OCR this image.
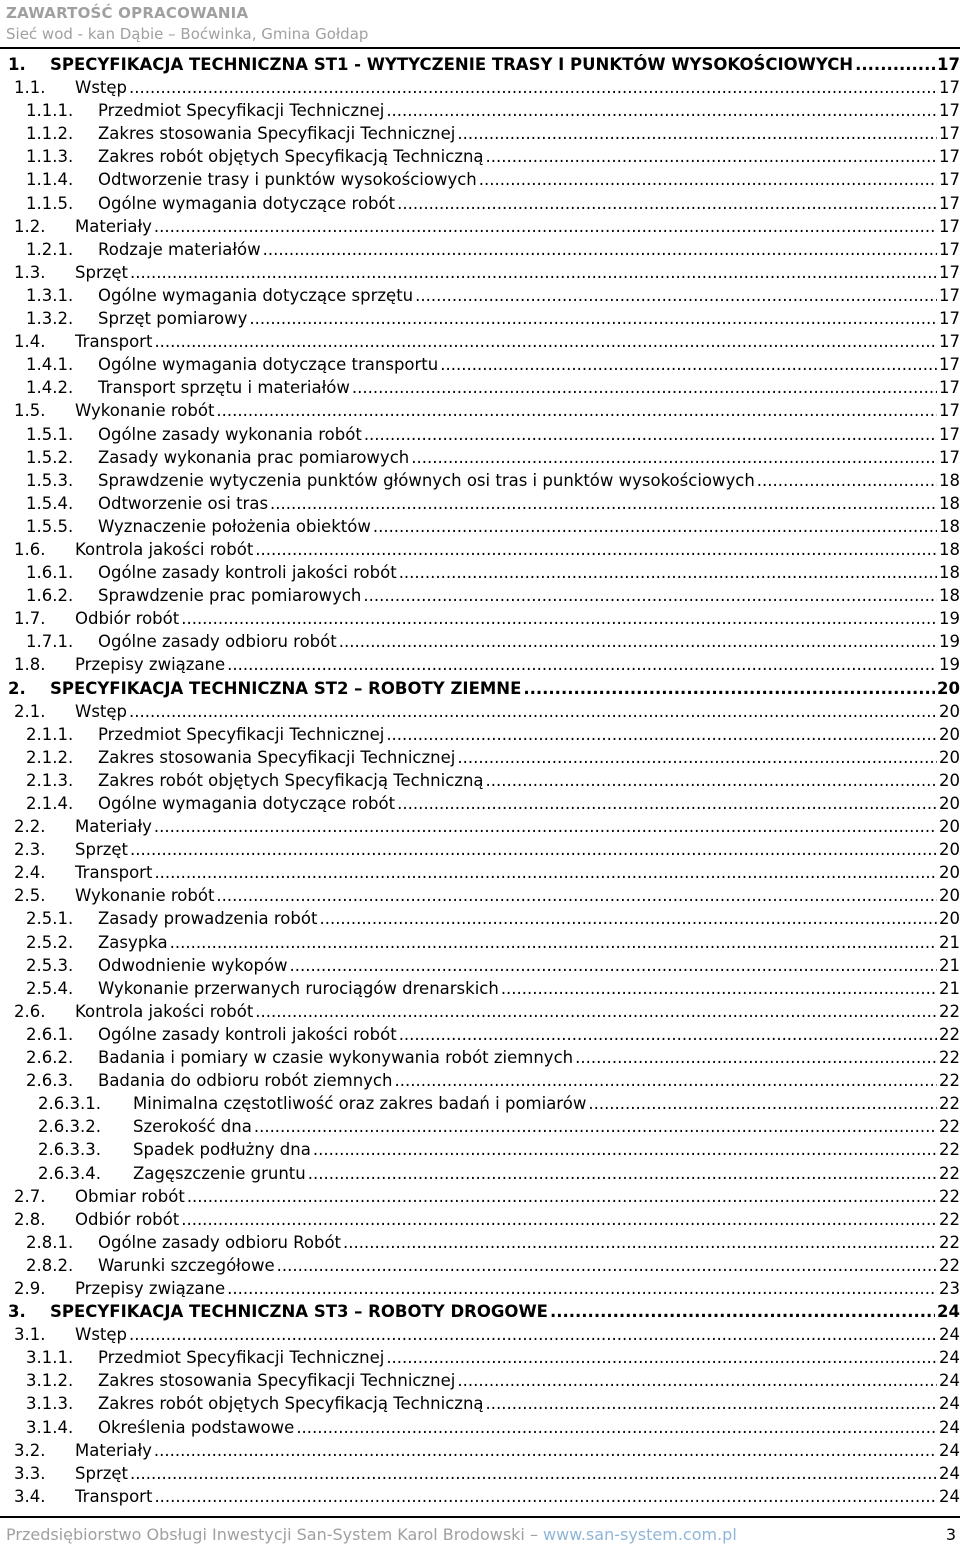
ZAWARTOŚĆ OPRACOWANIA
Sieć wod - kan Dąbie – Boćwinka, Gmina Gołdap
1. SPECYFIKACJA TECHNICZNA ST1 - WYTYCZENIE TRASY I PUNKTÓW WYSOKOŚCIOWYCH .....	17
1.1. Wstęp .....	17
1.1.1. Przedmiot Specyfikacji Technicznej .....	17
1.1.2. Zakres stosowania Specyfikacji Technicznej .....	17
1.1.3. Zakres robót objętych Specyfikacją Techniczną .....	17
1.1.4. Odtworzenie trasy i punktów wysokościowych .....	17
1.1.5. Ogólne wymagania dotyczące robót .....	17
1.2. Materiały .....	17
1.2.1. Rodzaje materiałów .....	17
1.3. Sprzęt .....	17
1.3.1. Ogólne wymagania dotyczące sprzętu .....	17
1.3.2. Sprzęt pomiarowy .....	17
1.4. Transport .....	17
1.4.1. Ogólne wymagania dotyczące transportu .....	17
1.4.2. Transport sprzętu i materiałów .....	17
1.5. Wykonanie robót .....	17
1.5.1. Ogólne zasady wykonania robót .....	17
1.5.2. Zasady wykonania prac pomiarowych .....	17
1.5.3. Sprawdzenie wytyczenia punktów głównych osi tras i punktów wysokościowych .....	18
1.5.4. Odtworzenie osi tras .....	18
1.5.5. Wyznaczenie położenia obiektów .....	18
1.6. Kontrola jakości robót .....	18
1.6.1. Ogólne zasady kontroli jakości robót .....	18
1.6.2. Sprawdzenie prac pomiarowych .....	18
1.7. Odbiór robót .....	19
1.7.1. Ogólne zasady odbioru robót .....	19
1.8. Przepisy związane .....	19
2. SPECYFIKACJA TECHNICZNA ST2 – ROBOTY ZIEMNE .....	20
2.1. Wstęp .....	20
2.1.1. Przedmiot Specyfikacji Technicznej .....	20
2.1.2. Zakres stosowania Specyfikacji Technicznej .....	20
2.1.3. Zakres robót objętych Specyfikacją Techniczną .....	20
2.1.4. Ogólne wymagania dotyczące robót .....	20
2.2. Materiały .....	20
2.3. Sprzęt .....	20
2.4. Transport .....	20
2.5. Wykonanie robót .....	20
2.5.1. Zasady prowadzenia robót .....	20
2.5.2. Zasypka .....	21
2.5.3. Odwodnienie wykopów .....	21
2.5.4. Wykonanie przerwanych rurociągów drenarskich .....	21
2.6. Kontrola jakości robót .....	22
2.6.1. Ogólne zasady kontroli jakości robót .....	22
2.6.2. Badania i pomiary w czasie wykonywania robót ziemnych .....	22
2.6.3. Badania do odbioru robót ziemnych .....	22
2.6.3.1. Minimalna częstotliwość oraz zakres badań i pomiarów .....	22
2.6.3.2. Szerokość dna .....	22
2.6.3.3. Spadek podłużny dna .....	22
2.6.3.4. Zagęszczenie gruntu .....	22
2.7. Obmiar robót .....	22
2.8. Odbiór robót .....	22
2.8.1. Ogólne zasady odbioru Robót .....	22
2.8.2. Warunki szczegółowe .....	22
2.9. Przepisy związane .....	23
3. SPECYFIKACJA TECHNICZNA ST3 – ROBOTY DROGOWE .....	24
3.1. Wstęp .....	24
3.1.1. Przedmiot Specyfikacji Technicznej .....	24
3.1.2. Zakres stosowania Specyfikacji Technicznej .....	24
3.1.3. Zakres robót objętych Specyfikacją Techniczną .....	24
3.1.4. Określenia podstawowe .....	24
3.2. Materiały .....	24
3.3. Sprzęt .....	24
3.4. Transport .....	24
Przedsiębiorstwo Obsługi Inwestycji San-System Karol Brodowski – www.san-system.com.pl	3
